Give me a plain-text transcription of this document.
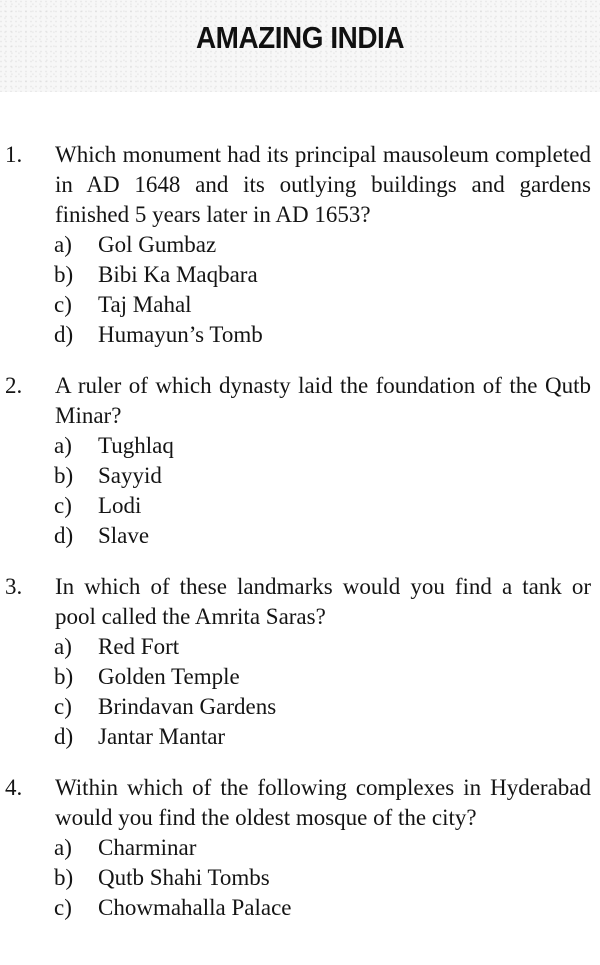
AMAZING INDIA
1. Which monument had its principal mausoleum completed in AD 1648 and its outlying buildings and gardens finished 5 years later in AD 1653?
a) Gol Gumbaz
b) Bibi Ka Maqbara
c) Taj Mahal
d) Humayun’s Tomb
2. A ruler of which dynasty laid the foundation of the Qutb Minar?
a) Tughlaq
b) Sayyid
c) Lodi
d) Slave
3. In which of these landmarks would you find a tank or pool called the Amrita Saras?
a) Red Fort
b) Golden Temple
c) Brindavan Gardens
d) Jantar Mantar
4. Within which of the following complexes in Hyderabad would you find the oldest mosque of the city?
a) Charminar
b) Qutb Shahi Tombs
c) Chowmahalla Palace
